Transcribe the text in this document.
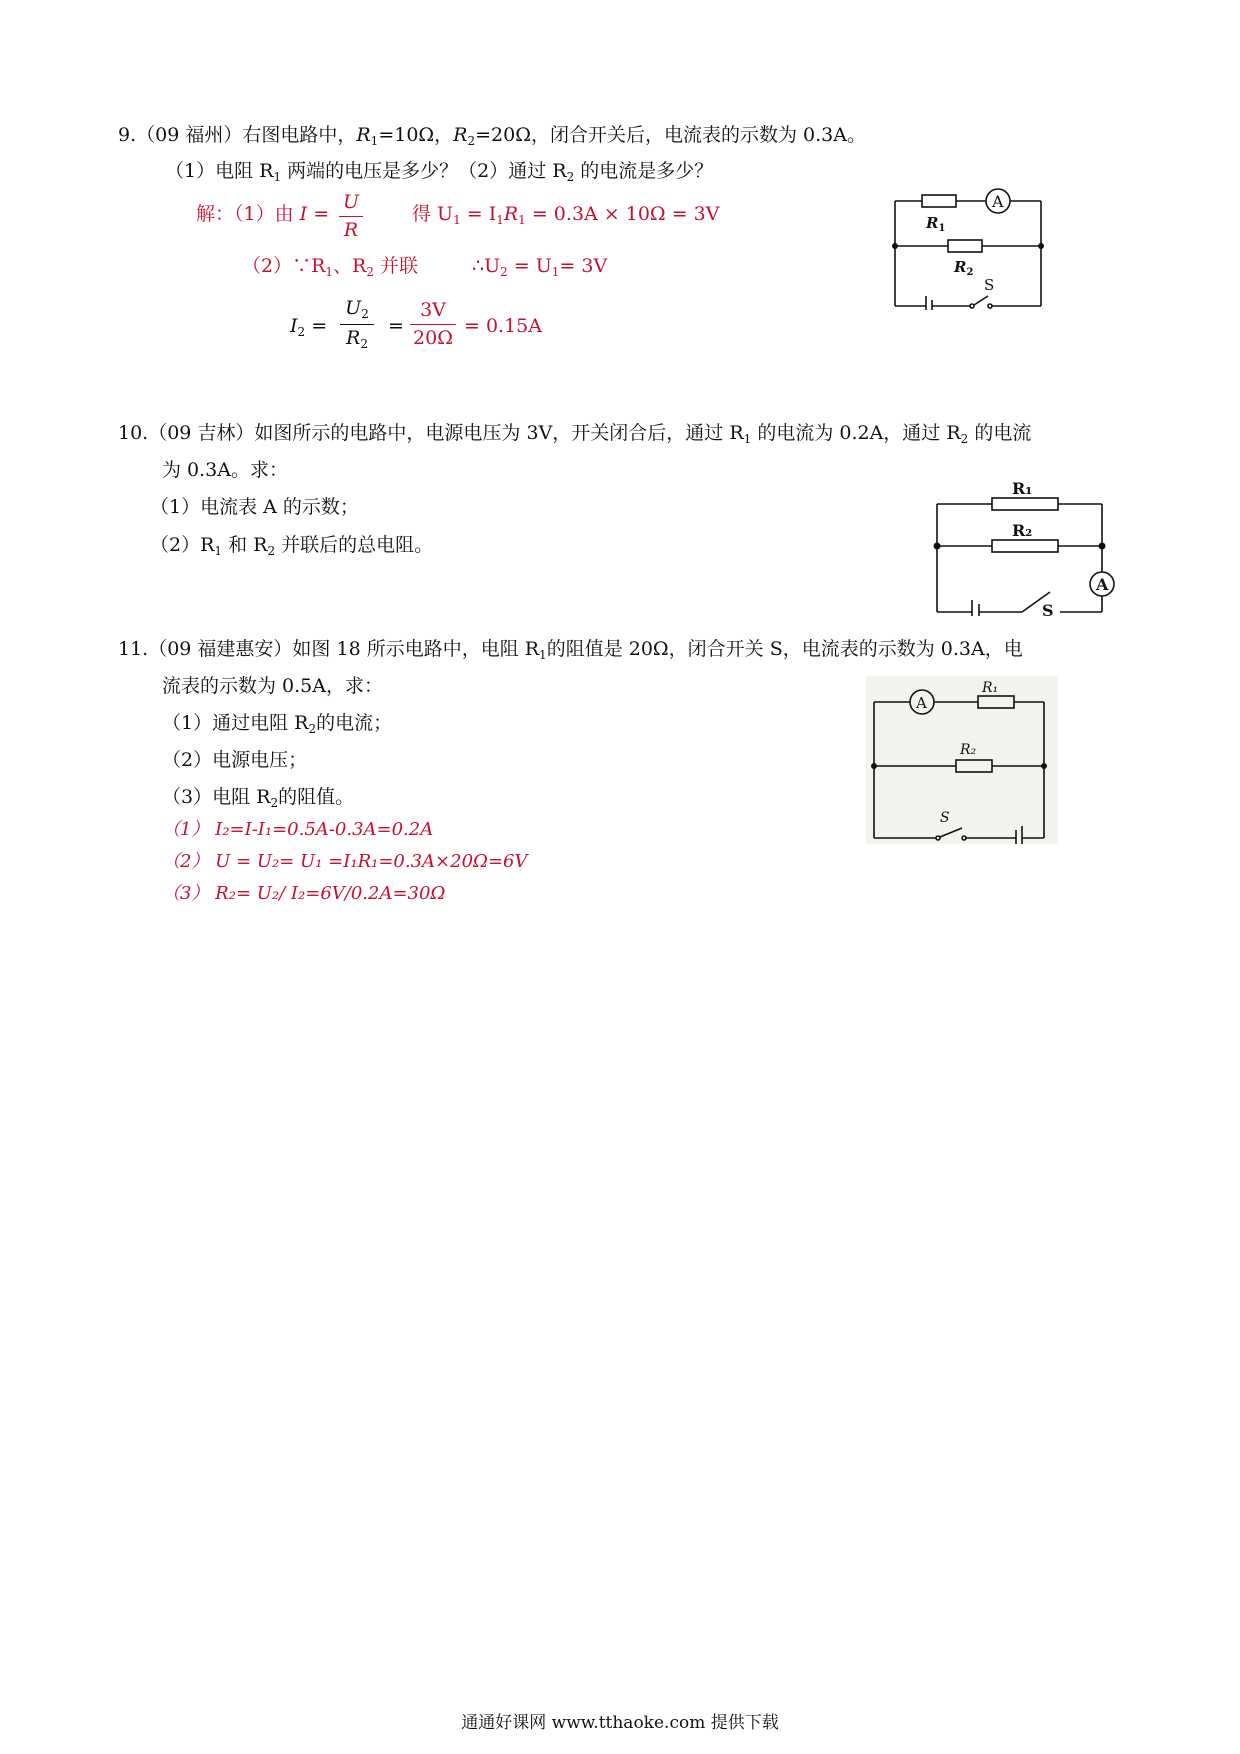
9.（09 福州）右图电路中，$R_1=10\Omega$，$R_2=20\Omega$，闭合开关后，电流表的示数为 0.3A。
（1）电阻 $R_1$ 两端的电压是多少？（2）通过 $R_2$ 的电流是多少？
解：（1）由 I =
U
R
得 $U_1 = I_1R_1 = 0.3A \times 10\Omega = 3V$
$(2)\because R_1$、$R_2$ 并联	$\therefore U_2 = U_1= 3V$
$I_2$ =
$U_2$
$R_2$
=
3V
20Ω
= 0.15A
A
$R_1$
$R_2$
S
10.（09 吉林）如图所示的电路中，电源电压为 3V，开关闭合后，通过 $R_1$ 的电流为 0.2A，通过 $R_2$ 的电流
为 0.3A。求：
（1）电流表 A 的示数；
$(2)R_1$ 和 $R_2$ 并联后的总电阻。
R₁
R₂
A
S
11.（09 福建惠安）如图 18 所示电路中，电阻 $R_1$的阻值是 20Ω，闭合开关 S，电流表的示数为 0.3A，电
流表的示数为 0.5A，求：
（1）通过电阻 $R_2$的电流；
（2）电源电压；
（3）电阻 $R_2$的阻值。
（1） I₂=I-I₁=0.5A-0.3A=0.2A
（2） U = U₂= U₁ =I₁R₁=0.3A×20Ω=6V
（3） R₂= U₂/ I₂=6V/0.2A=30Ω
A
R₁
R₂
S
通通好课网 www.tthaoke.com 提供下载
